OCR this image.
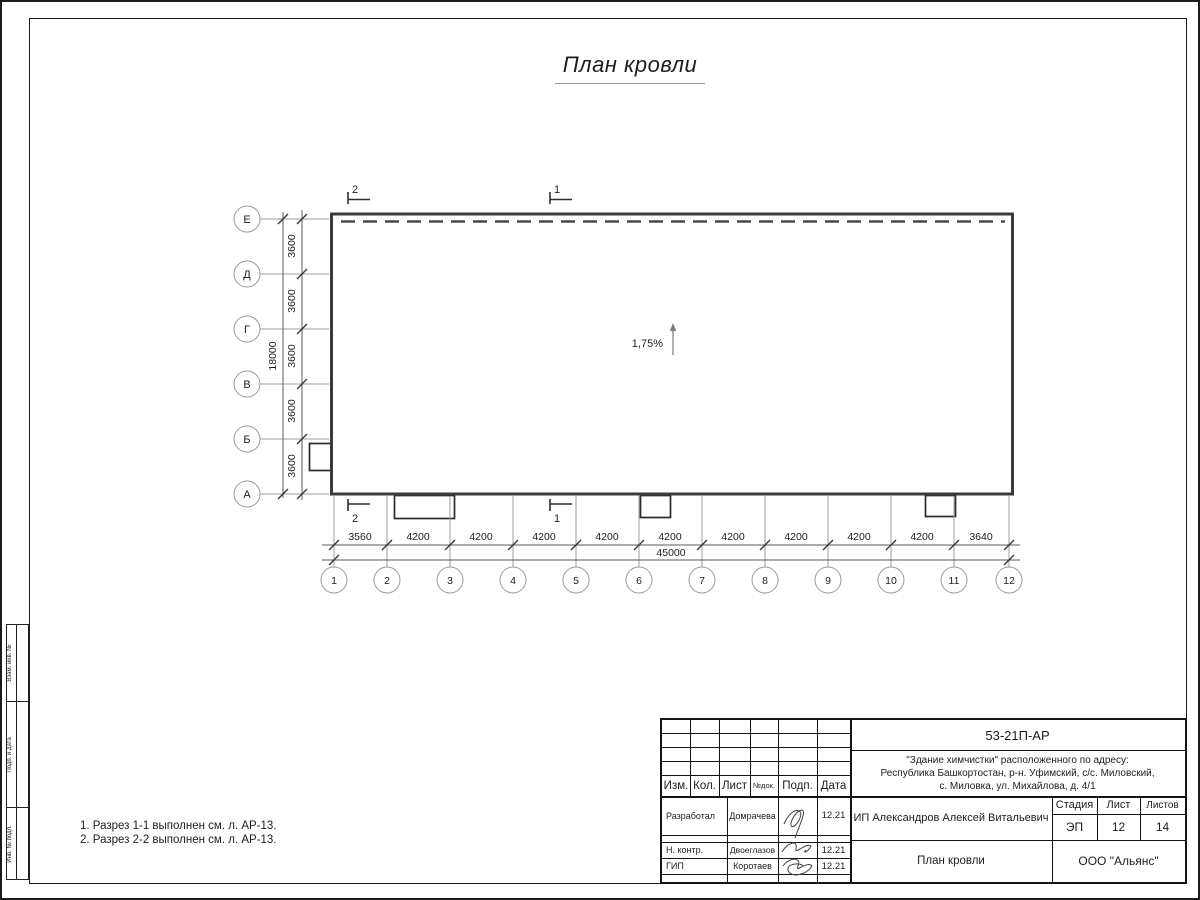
Взам. инв. №
Подп. и дата
Инв. № подл.
План кровли
Е
Д
Г
В
Б
А
3600
3600
3600
3600
3600
18000
3560	4200	4200	4200	4200	4200	4200	4200	4200	4200	3640
45000
1	2	3	4	5	6	7	8	9	10	11	12
2	1
2	1
1,75%
1. Разрез 1-1 выполнен см. л. АР-13.
2. Разрез 2-2 выполнен см. л. АР-13.
Изм. Кол. Лист №док. Подп. Дата
Разработал	Домрачева	12.21
Н. контр.	Двоеглазов	12.21
ГИП	Коротаев	12.21
53-21П-АР
"Здание химчистки" расположенного по адресу:
Республика Башкортостан, р-н. Уфимский, с/с. Миловский,
с. Миловка, ул. Михайлова, д. 4/1
ИП Александров Алексей Витальевич
Стадия	Лист	Листов
ЭП	12	14
План кровли	ООО "Альянс"
